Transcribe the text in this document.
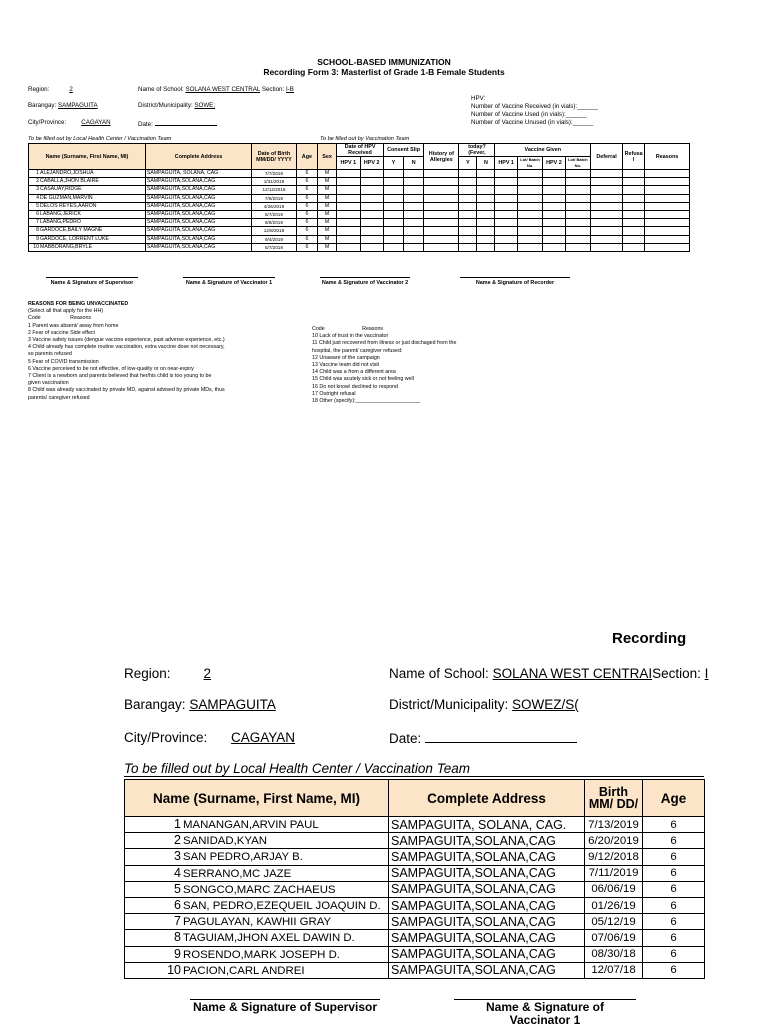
SCHOOL-BASED IMMUNIZATION
Recording Form 3: Masterlist of Grade 1-B Female Students
Region:	2	Name of School: SOLANA WEST CENTRAL Section: I-B
HPV:
Number of Vaccine Received (in vials):______
Number of Vaccine Used (in vials):______
Number of Vaccine Unused (in vials):______
Barangay: SAMPAGUITA	District/Municipality: SOWE;
City/Province: CAGAYAN	Date:
To be filled out by Local Health Center / Vaccination Team	To be filled out by Vaccination Team
Name (Surname, First Name, MI)	Complete Address	Date of Birth MM/DD/ YYYY	Age	Sex	Date of HPV Received		Consent Slip		History of Allergies	today? (Fever,		Vaccine Given				Deferral	Refusa l	Reasons
					HPV 1	HPV 2	Y	N		Y	N	HPV 1	Lot/ Batch No.	HPV 2	Lot/ Batch No.			

1ALEJANDRO,JOSHUA	SAMPAGUITA, SOLANA, CAG	7/7/2019	6	M														
2CABALLA,JHON BLAIRE	SAMPAGUITA,SOLANA,CAG	1/31/2019	6	M														
3CASAUAY,RIDGE	SAMPAGUITA,SOLANA,CAG	12/12/2018	6	M														
4DE GUZMAN,MARVIN	SAMPAGUITA,SOLANA,CAG	7/6/2019	6	M														
5DELOS REYES,AARON	SAMPAGUITA,SOLANA,CAG	4/26/2019	6	M														
6LABANG,JERICK	SAMPAGUITA,SOLANA,CAG	5/7/2019	6	M														
7LABANG,PEDRO	SAMPAGUITA,SOLANA,CAG	8/8/2019	6	M														
8GARDOCE,BAILY MAGNE	SAMPAGUITA,SOLANA,CAG	12/8/2018	6	M														
9GARDOCE, LORRENT LUKE	SAMPAGUITA,SOLANA,CAG	9/4/2019	6	M														
10MABBORANG,BRYLE	SAMPAGUITA,SOLANA,CAG	5/7/2019	6	M														
Name & Signature of Supervisor	Name & Signature of Vaccinator 1	Name & Signature of Vaccinator 2	Name & Signature of Recorder
REASONS FOR BEING UNVACCINATED
(Select all that apply for the HH)
Code	Reasons
1 Parent was absent/ away from home
2 Fear of vaccine Side effect
3 Vaccine safety issues (dengue vaccine experience, past adverse experience, etc.)
4 Child already has complete routine vaccination, extra vaccine dose not necessary,
so parents refused
5 Fear of COVID transmission
6 Vaccine perceived to be not effective, of low-quality or on near-expiry
7 Client is a newborn and parents believed that her/his child is too young to be
given vaccination
8 Child was already vaccinated by private MD, against advised by private MDs, thus
parents/ caregiver refused
Code	Reasons
10 Lack of trust in the vaccinator
11 Child just recovered from illness or just dischaged from the
hospital, the parent/ caregiver refused:
12 Unaware of the campaign
13 Vaccine team did not visit
14 Child was a from a different area
15 Child was acutely sick or not feeling well
16 Do not know/ declined to respond
17 Outright refusal
18 Other (specify):______________________
Recording
Region: 2	Name of School: SOLANA WEST CENTRAISection: I
Barangay: SAMPAGUITA	District/Municipality: SOWEZ/S(
City/Province: CAGAYAN	Date:
To be filled out by Local Health Center / Vaccination Team
Name (Surname, First Name, MI)	Complete Address	Birth MM/ DD/	Age
1 MANANGAN,ARVIN PAUL	SAMPAGUITA, SOLANA, CAG.	7/13/2019	6
2 SANIDAD,KYAN	SAMPAGUITA,SOLANA,CAG	6/20/2019	6
3 SAN PEDRO,ARJAY B.	SAMPAGUITA,SOLANA,CAG	9/12/2018	6
4 SERRANO,MC JAZE	SAMPAGUITA,SOLANA,CAG	7/11/2019	6
5 SONGCO,MARC ZACHAEUS	SAMPAGUITA,SOLANA,CAG	06/06/19	6
6 SAN, PEDRO,EZEQUEIL JOAQUIN D.	SAMPAGUITA,SOLANA,CAG	01/26/19	6
7 PAGULAYAN, KAWHII GRAY	SAMPAGUITA,SOLANA,CAG	05/12/19	6
8 TAGUIAM,JHON AXEL DAWIN D.	SAMPAGUITA,SOLANA,CAG	07/06/19	6
9 ROSENDO,MARK JOSEPH D.	SAMPAGUITA,SOLANA,CAG	08/30/18	6
10 PACION,CARL ANDREI	SAMPAGUITA,SOLANA,CAG	12/07/18	6
Name & Signature of Supervisor	Name & Signature of Vaccinator 1
